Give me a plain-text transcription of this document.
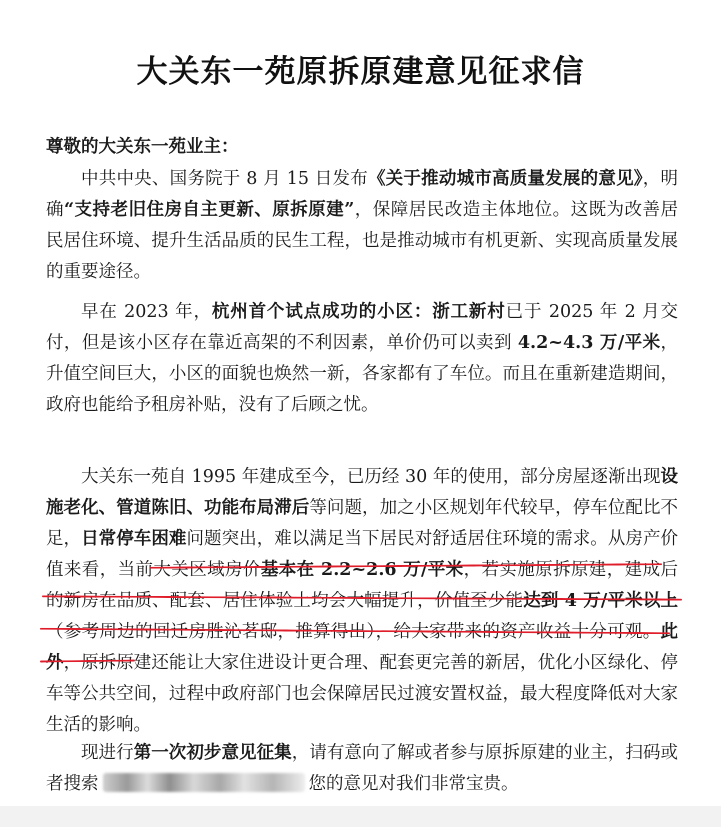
大关东一苑原拆原建意见征求信
尊敬的大关东一苑业主：
中共中央、国务院于 8 月 15 日发布《关于推动城市高质量发展的意见》，明确“支持老旧住房自主更新、原拆原建”，保障居民改造主体地位。这既为改善居民居住环境、提升生活品质的民生工程，也是推动城市有机更新、实现高质量发展的重要途径。
早在 2023 年，杭州首个试点成功的小区：浙工新村已于 2025 年 2 月交付，但是该小区存在靠近高架的不利因素，单价仍可以卖到 4.2~4.3 万/平米，升值空间巨大，小区的面貌也焕然一新，各家都有了车位。而且在重新建造期间，政府也能给予租房补贴，没有了后顾之忧。
大关东一苑自 1995 年建成至今，已历经 30 年的使用，部分房屋逐渐出现设施老化、管道陈旧、功能布局滞后等问题，加之小区规划年代较早，停车位配比不足，日常停车困难问题突出，难以满足当下居民对舒适居住环境的需求。从房产价值来看，当前大关区域房价基本在 2.2~2.6 万/平米，若实施原拆原建，建成后的新房在品质、配套、居住体验上均会大幅提升，价值至少能达到 4 万/平米以上（参考周边的回迁房胜沁茗邸，推算得出），给大家带来的资产收益十分可观。此外，原拆原建还能让大家住进设计更合理、配套更完善的新居，优化小区绿化、停车等公共空间，过程中政府部门也会保障居民过渡安置权益，最大程度降低对大家生活的影响。
现进行第一次初步意见征集，请有意向了解或者参与原拆原建的业主，扫码或者搜索	您的意见对我们非常宝贵。
